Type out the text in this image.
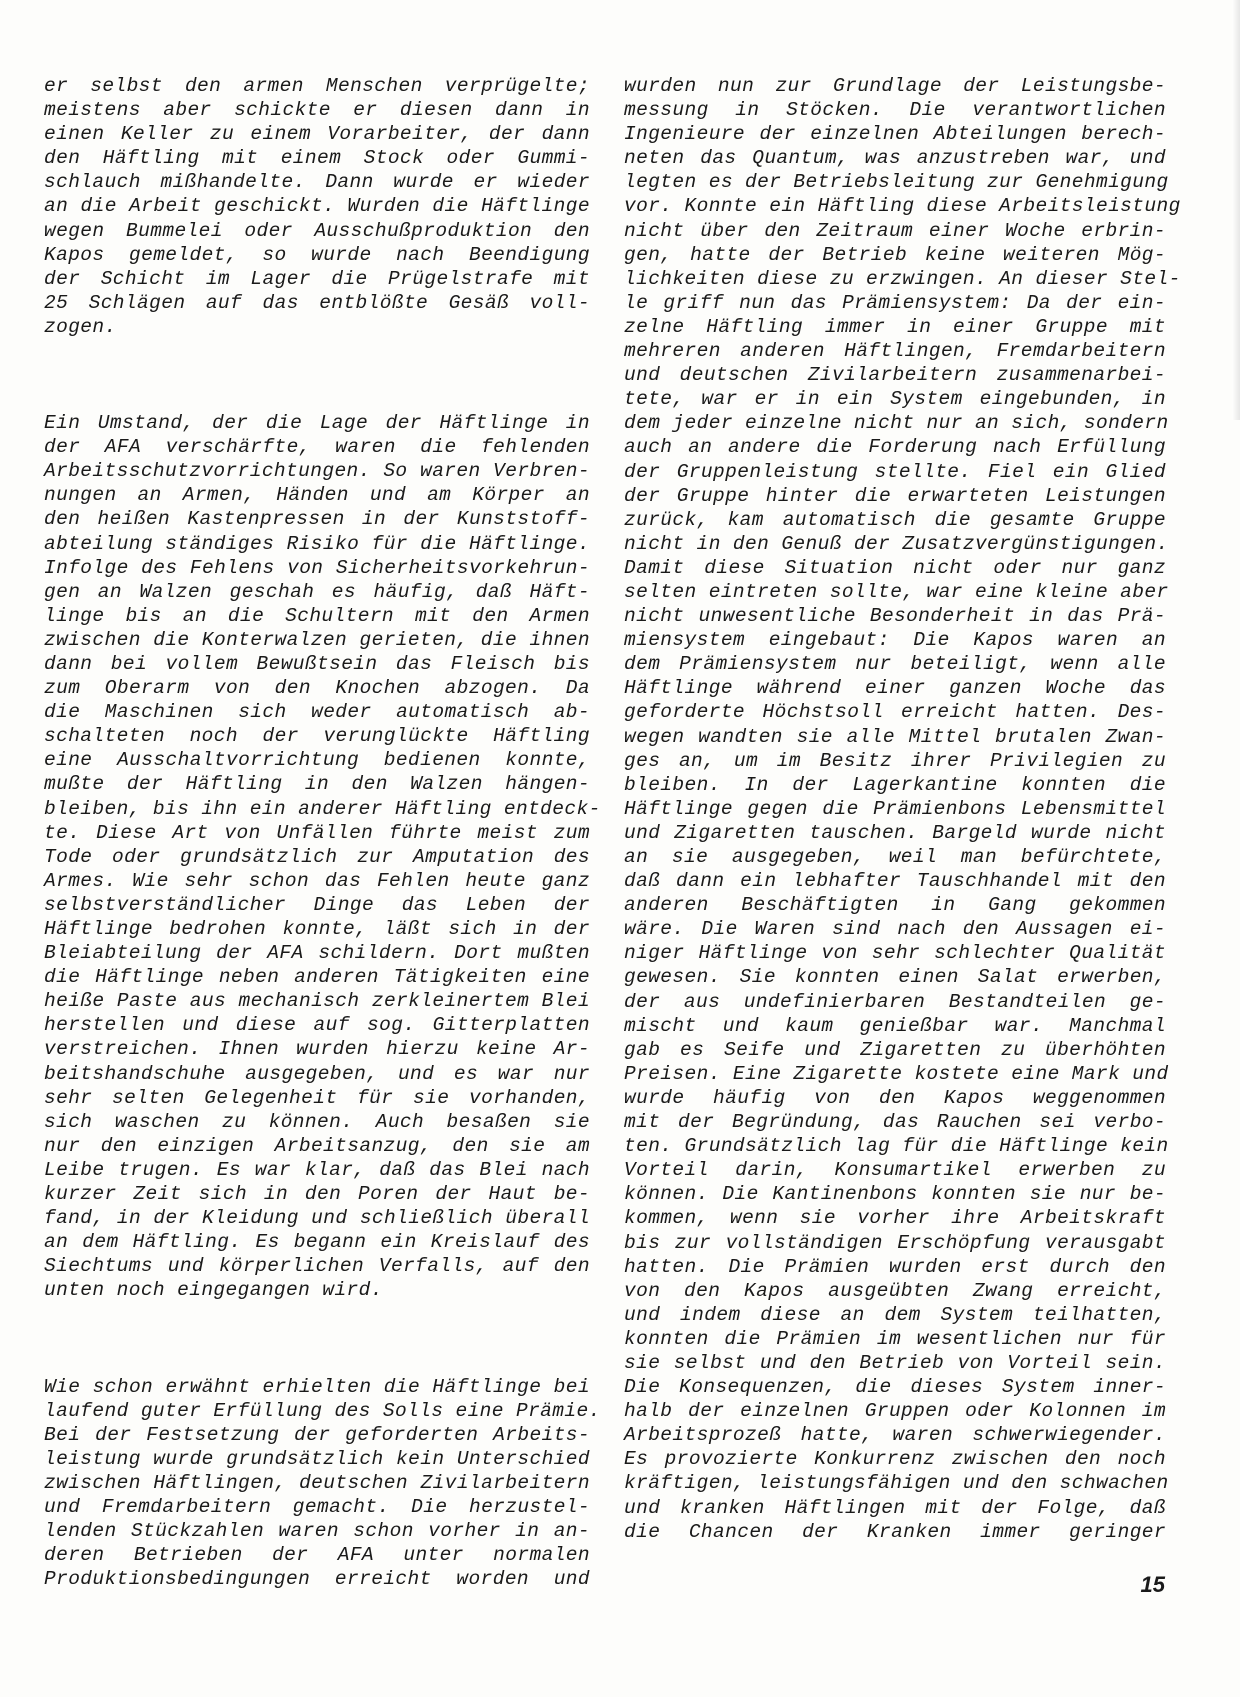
er selbst den armen Menschen verprügelte;
meistens aber schickte er diesen dann in
einen Keller zu einem Vorarbeiter, der dann
den Häftling mit einem Stock oder Gummi-
schlauch mißhandelte. Dann wurde er wieder
an die Arbeit geschickt. Wurden die Häftlinge
wegen Bummelei oder Ausschußproduktion den
Kapos gemeldet, so wurde nach Beendigung
der Schicht im Lager die Prügelstrafe mit
25 Schlägen auf das entblößte Gesäß voll-
zogen.
Ein Umstand, der die Lage der Häftlinge in
der AFA verschärfte, waren die fehlenden
Arbeitsschutzvorrichtungen. So waren Verbren-
nungen an Armen, Händen und am Körper an
den heißen Kastenpressen in der Kunststoff-
abteilung ständiges Risiko für die Häftlinge.
Infolge des Fehlens von Sicherheitsvorkehrun-
gen an Walzen geschah es häufig, daß Häft-
linge bis an die Schultern mit den Armen
zwischen die Konterwalzen gerieten, die ihnen
dann bei vollem Bewußtsein das Fleisch bis
zum Oberarm von den Knochen abzogen. Da
die Maschinen sich weder automatisch ab-
schalteten noch der verunglückte Häftling
eine Ausschaltvorrichtung bedienen konnte,
mußte der Häftling in den Walzen hängen-
bleiben, bis ihn ein anderer Häftling entdeck-
te. Diese Art von Unfällen führte meist zum
Tode oder grundsätzlich zur Amputation des
Armes. Wie sehr schon das Fehlen heute ganz
selbstverständlicher Dinge das Leben der
Häftlinge bedrohen konnte, läßt sich in der
Bleiabteilung der AFA schildern. Dort mußten
die Häftlinge neben anderen Tätigkeiten eine
heiße Paste aus mechanisch zerkleinertem Blei
herstellen und diese auf sog. Gitterplatten
verstreichen. Ihnen wurden hierzu keine Ar-
beitshandschuhe ausgegeben, und es war nur
sehr selten Gelegenheit für sie vorhanden,
sich waschen zu können. Auch besaßen sie
nur den einzigen Arbeitsanzug, den sie am
Leibe trugen. Es war klar, daß das Blei nach
kurzer Zeit sich in den Poren der Haut be-
fand, in der Kleidung und schließlich überall
an dem Häftling. Es begann ein Kreislauf des
Siechtums und körperlichen Verfalls, auf den
unten noch eingegangen wird.
Wie schon erwähnt erhielten die Häftlinge bei
laufend guter Erfüllung des Solls eine Prämie.
Bei der Festsetzung der geforderten Arbeits-
leistung wurde grundsätzlich kein Unterschied
zwischen Häftlingen, deutschen Zivilarbeitern
und Fremdarbeitern gemacht. Die herzustel-
lenden Stückzahlen waren schon vorher in an-
deren Betrieben der AFA unter normalen
Produktionsbedingungen erreicht worden und
wurden nun zur Grundlage der Leistungsbe-
messung in Stöcken. Die verantwortlichen
Ingenieure der einzelnen Abteilungen berech-
neten das Quantum, was anzustreben war, und
legten es der Betriebsleitung zur Genehmigung
vor. Konnte ein Häftling diese Arbeitsleistung
nicht über den Zeitraum einer Woche erbrin-
gen, hatte der Betrieb keine weiteren Mög-
lichkeiten diese zu erzwingen. An dieser Stel-
le griff nun das Prämiensystem: Da der ein-
zelne Häftling immer in einer Gruppe mit
mehreren anderen Häftlingen, Fremdarbeitern
und deutschen Zivilarbeitern zusammenarbei-
tete, war er in ein System eingebunden, in
dem jeder einzelne nicht nur an sich, sondern
auch an andere die Forderung nach Erfüllung
der Gruppenleistung stellte. Fiel ein Glied
der Gruppe hinter die erwarteten Leistungen
zurück, kam automatisch die gesamte Gruppe
nicht in den Genuß der Zusatzvergünstigungen.
Damit diese Situation nicht oder nur ganz
selten eintreten sollte, war eine kleine aber
nicht unwesentliche Besonderheit in das Prä-
miensystem eingebaut: Die Kapos waren an
dem Prämiensystem nur beteiligt, wenn alle
Häftlinge während einer ganzen Woche das
geforderte Höchstsoll erreicht hatten. Des-
wegen wandten sie alle Mittel brutalen Zwan-
ges an, um im Besitz ihrer Privilegien zu
bleiben. In der Lagerkantine konnten die
Häftlinge gegen die Prämienbons Lebensmittel
und Zigaretten tauschen. Bargeld wurde nicht
an sie ausgegeben, weil man befürchtete,
daß dann ein lebhafter Tauschhandel mit den
anderen Beschäftigten in Gang gekommen
wäre. Die Waren sind nach den Aussagen ei-
niger Häftlinge von sehr schlechter Qualität
gewesen. Sie konnten einen Salat erwerben,
der aus undefinierbaren Bestandteilen ge-
mischt und kaum genießbar war. Manchmal
gab es Seife und Zigaretten zu überhöhten
Preisen. Eine Zigarette kostete eine Mark und
wurde häufig von den Kapos weggenommen
mit der Begründung, das Rauchen sei verbo-
ten. Grundsätzlich lag für die Häftlinge kein
Vorteil darin, Konsumartikel erwerben zu
können. Die Kantinenbons konnten sie nur be-
kommen, wenn sie vorher ihre Arbeitskraft
bis zur vollständigen Erschöpfung verausgabt
hatten. Die Prämien wurden erst durch den
von den Kapos ausgeübten Zwang erreicht,
und indem diese an dem System teilhatten,
konnten die Prämien im wesentlichen nur für
sie selbst und den Betrieb von Vorteil sein.
Die Konsequenzen, die dieses System inner-
halb der einzelnen Gruppen oder Kolonnen im
Arbeitsprozeß hatte, waren schwerwiegender.
Es provozierte Konkurrenz zwischen den noch
kräftigen, leistungsfähigen und den schwachen
und kranken Häftlingen mit der Folge, daß
die Chancen der Kranken immer geringer
15
